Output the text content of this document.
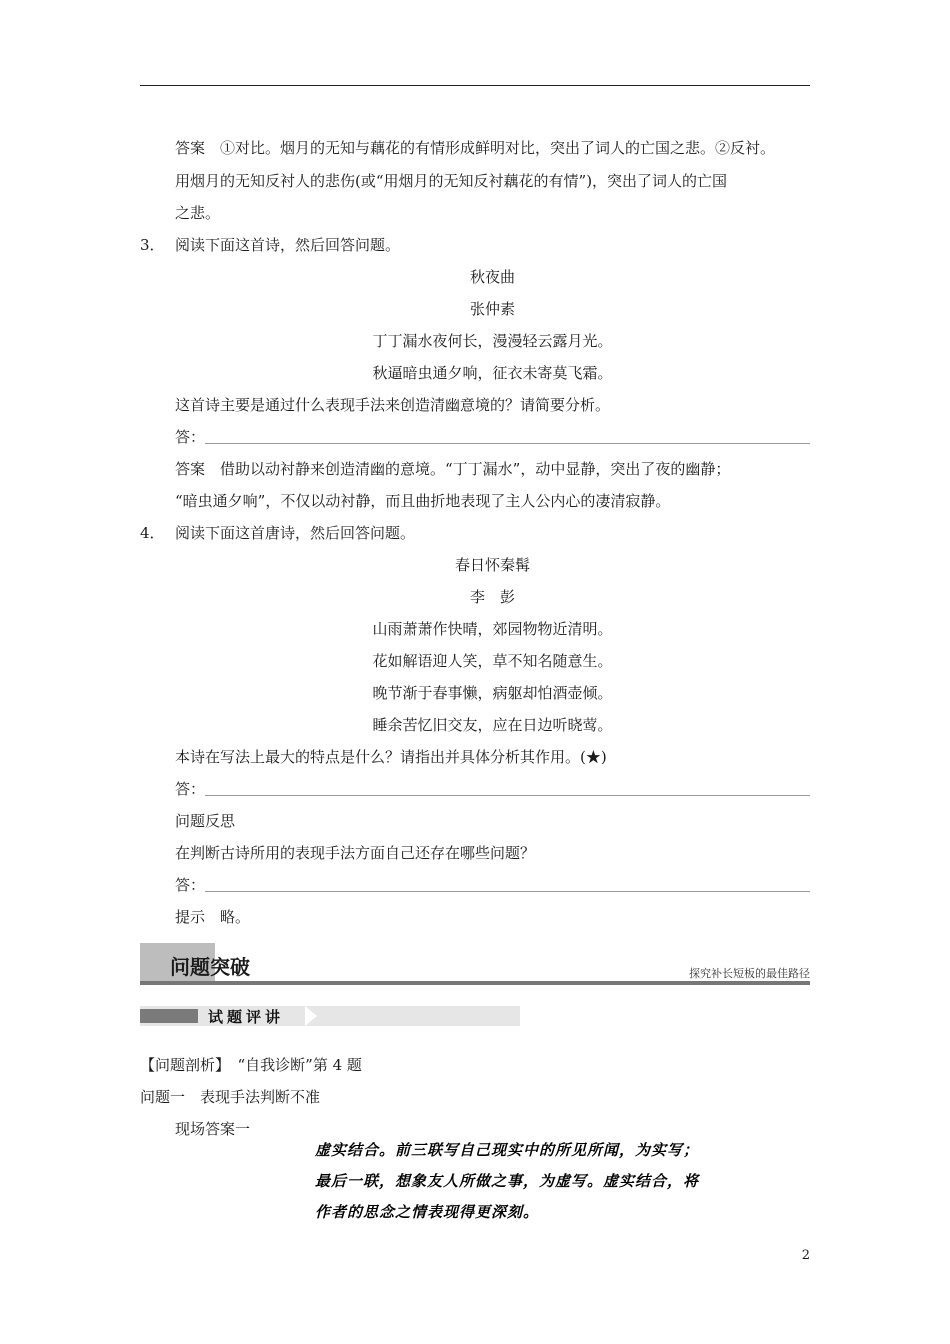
答案　①对比。烟月的无知与藕花的有情形成鲜明对比，突出了词人的亡国之悲。②反衬。
用烟月的无知反衬人的悲伤(或“用烟月的无知反衬藕花的有情”)，突出了词人的亡国
之悲。
3． 阅读下面这首诗，然后回答问题。
秋夜曲
张仲素
丁丁漏水夜何长，漫漫轻云露月光。
秋逼暗虫通夕响，征衣未寄莫飞霜。
这首诗主要是通过什么表现手法来创造清幽意境的？请简要分析。
答：
答案　借助以动衬静来创造清幽的意境。“丁丁漏水”，动中显静，突出了夜的幽静；
“暗虫通夕响”，不仅以动衬静，而且曲折地表现了主人公内心的凄清寂静。
4． 阅读下面这首唐诗，然后回答问题。
春日怀秦髯
李　彭
山雨萧萧作快晴，郊园物物近清明。
花如解语迎人笑，草不知名随意生。
晚节渐于春事懒，病躯却怕酒壶倾。
睡余苦忆旧交友，应在日边听晓莺。
本诗在写法上最大的特点是什么？请指出并具体分析其作用。(★)
答：
问题反思
在判断古诗所用的表现手法方面自己还存在哪些问题？
答：
提示　略。
问题突破	探究补长短板的最佳路径
试题评讲
【问题剖析】　“自我诊断”第 4 题
问题一　表现手法判断不准
现场答案一
虚实结合。前三联写自己现实中的所见所闻，为实写；
最后一联，想象友人所做之事，为虚写。虚实结合，将
作者的思念之情表现得更深刻。
2
